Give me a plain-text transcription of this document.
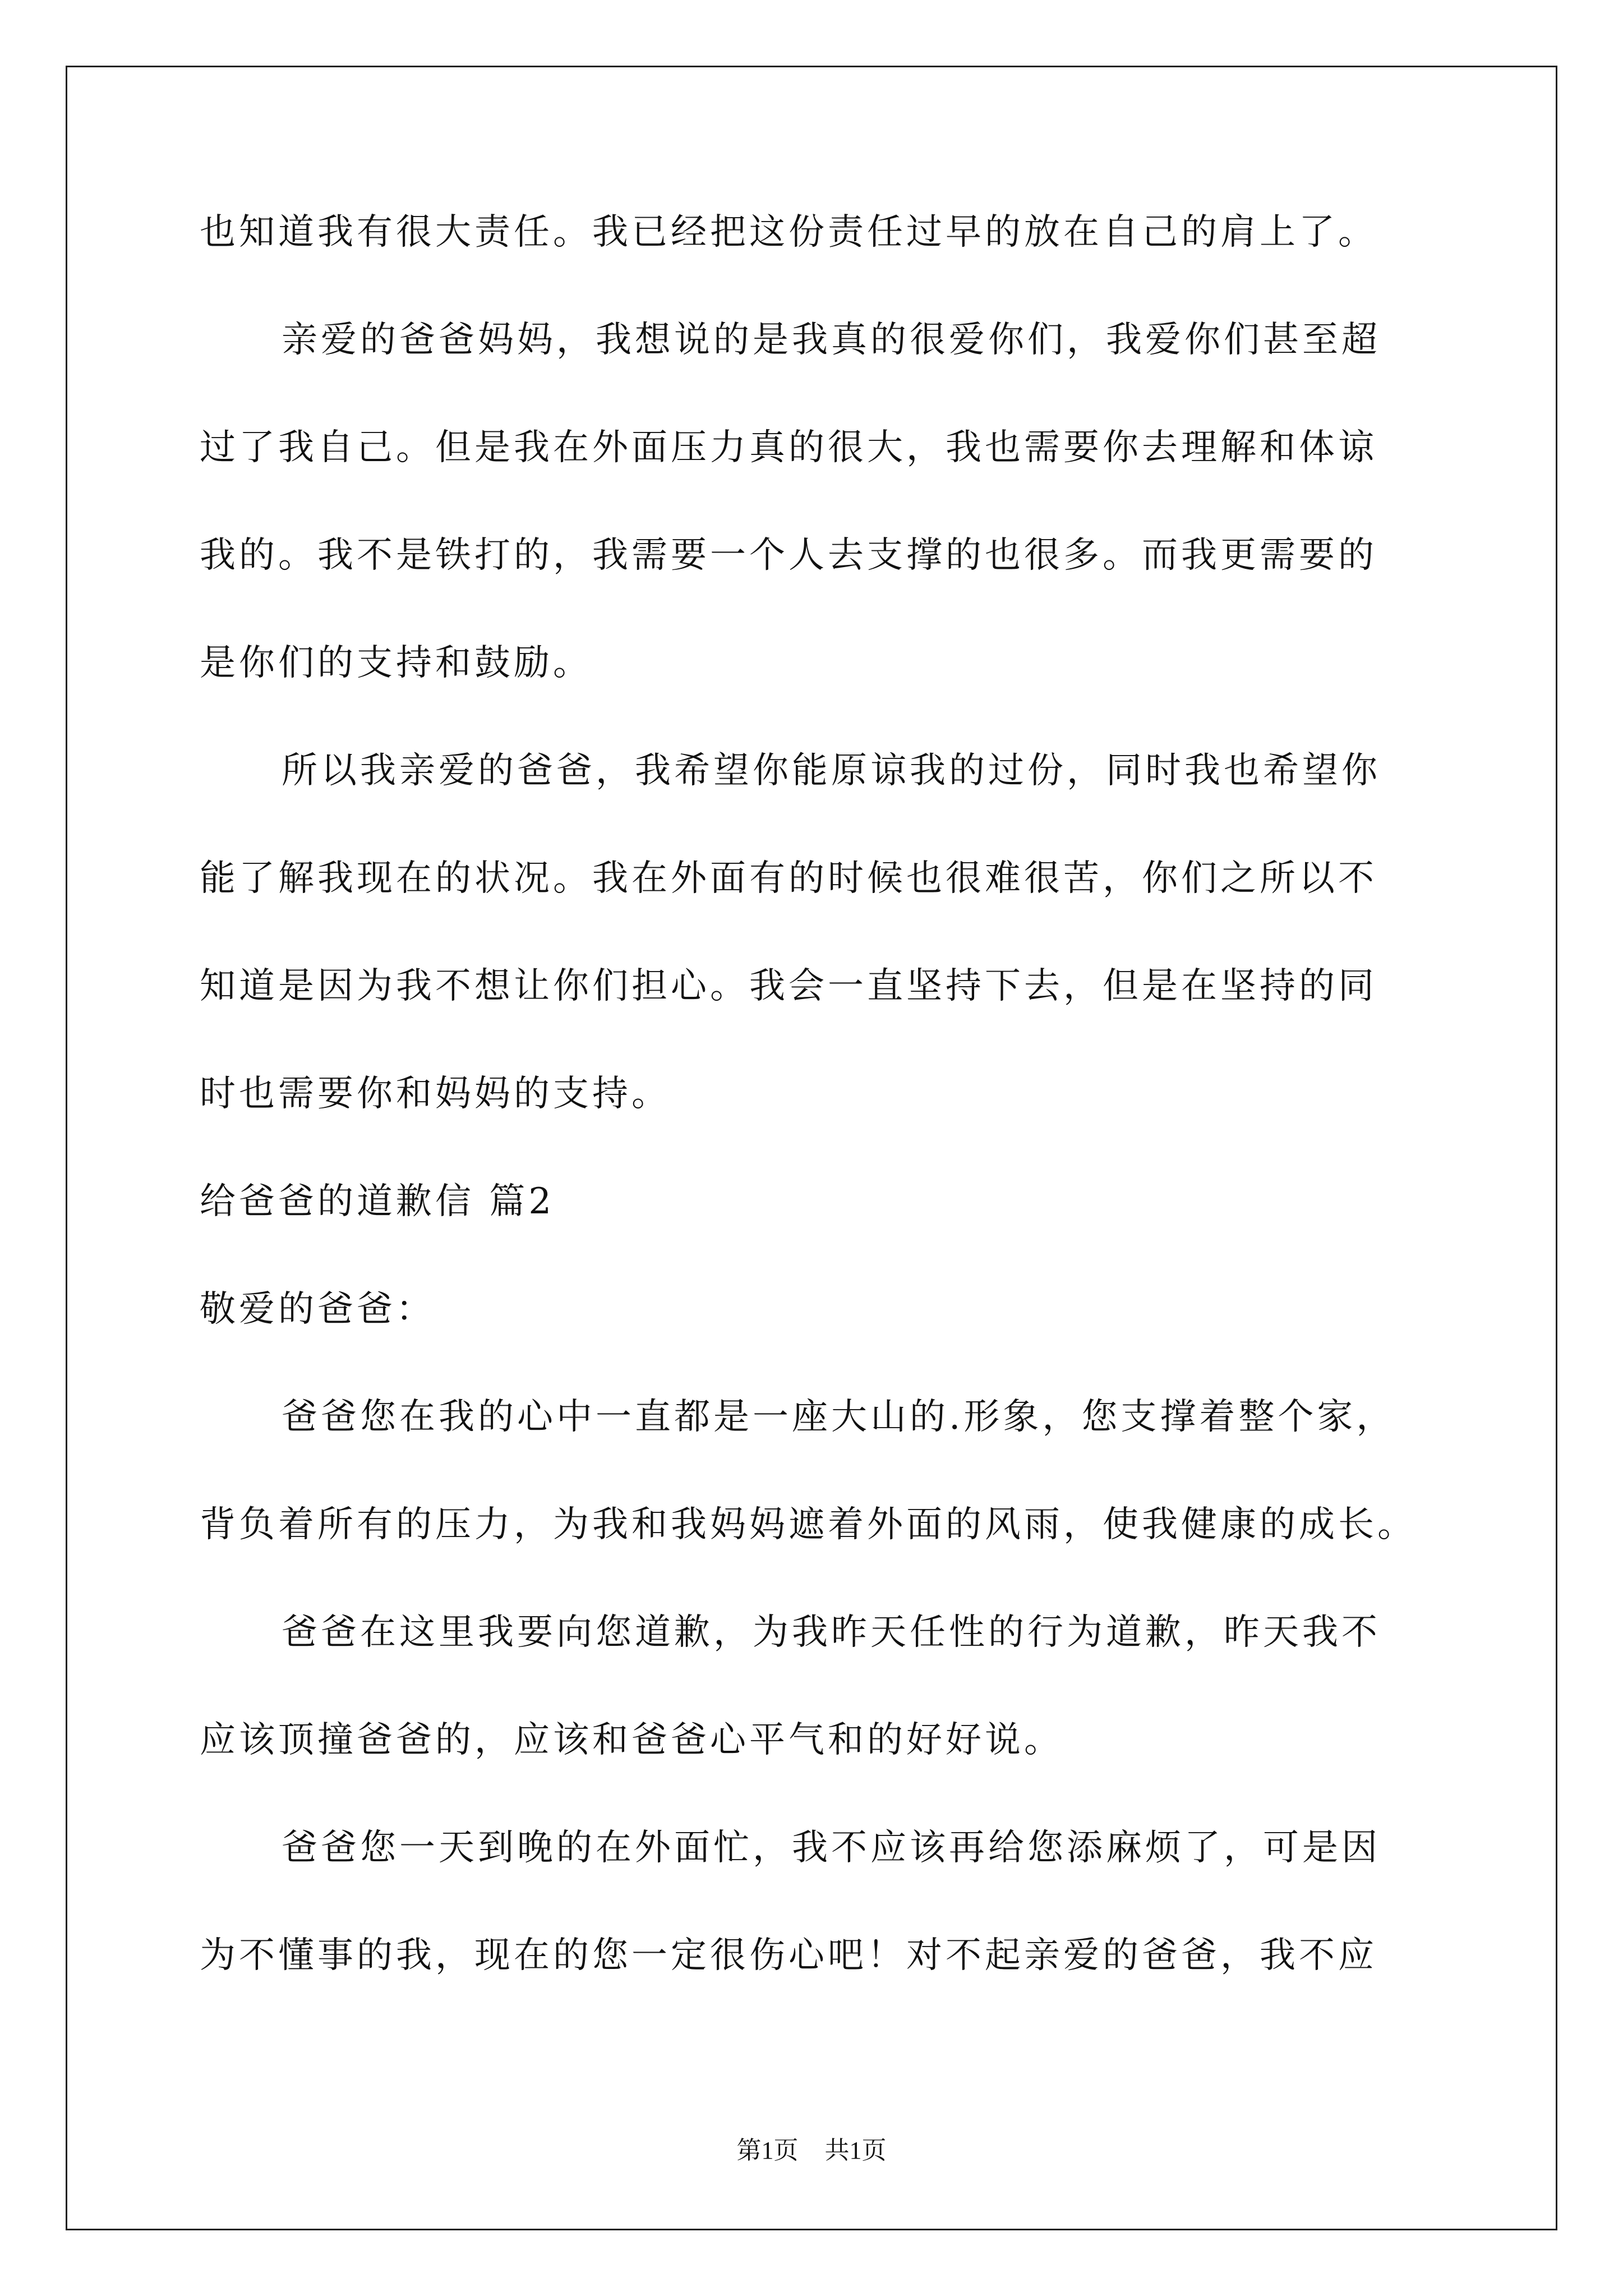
也知道我有很大责任。我已经把这份责任过早的放在自己的肩上了。
亲爱的爸爸妈妈，我想说的是我真的很爱你们，我爱你们甚至超
过了我自己。但是我在外面压力真的很大，我也需要你去理解和体谅
我的。我不是铁打的，我需要一个人去支撑的也很多。而我更需要的
是你们的支持和鼓励。
所以我亲爱的爸爸，我希望你能原谅我的过份，同时我也希望你
能了解我现在的状况。我在外面有的时候也很难很苦，你们之所以不
知道是因为我不想让你们担心。我会一直坚持下去，但是在坚持的同
时也需要你和妈妈的支持。
给爸爸的道歉信 篇2
敬爱的爸爸：
爸爸您在我的心中一直都是一座大山的.形象，您支撑着整个家，
背负着所有的压力，为我和我妈妈遮着外面的风雨，使我健康的成长。
爸爸在这里我要向您道歉，为我昨天任性的行为道歉，昨天我不
应该顶撞爸爸的，应该和爸爸心平气和的好好说。
爸爸您一天到晚的在外面忙，我不应该再给您添麻烦了，可是因
为不懂事的我，现在的您一定很伤心吧！对不起亲爱的爸爸，我不应
第1页 共1页
